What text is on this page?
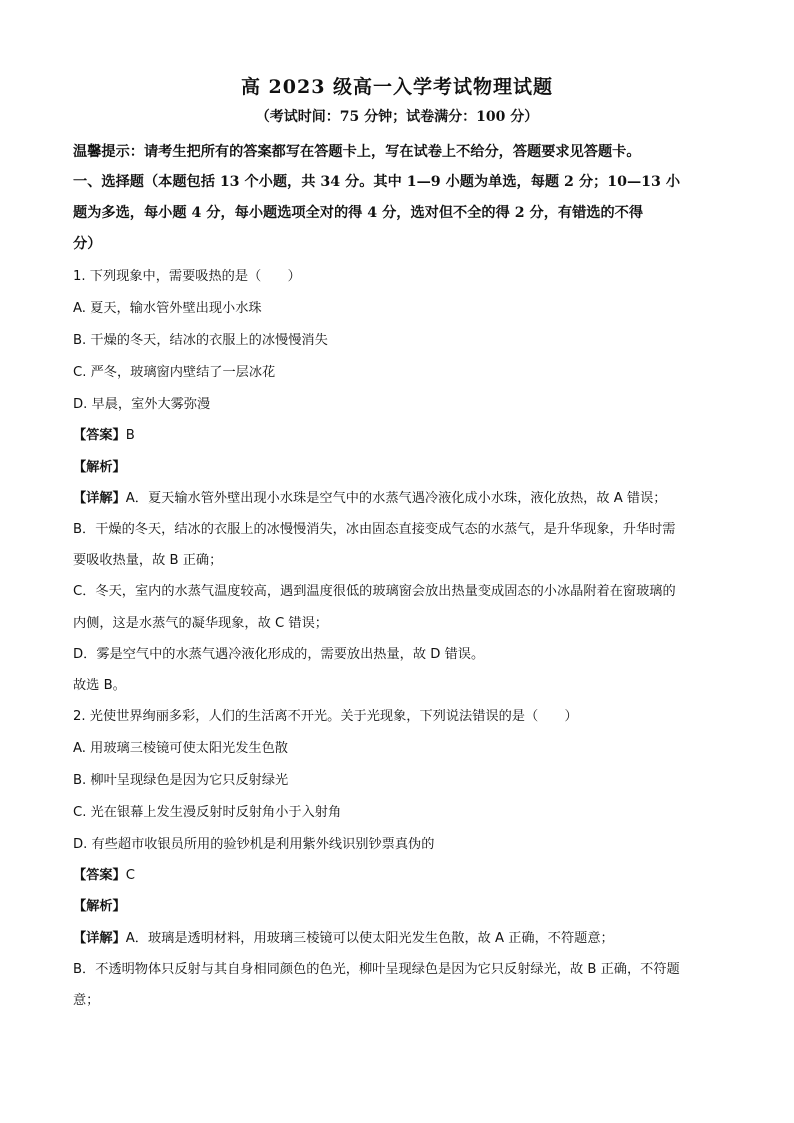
高 2023 级高一入学考试物理试题
（考试时间：75 分钟；试卷满分：100 分）
温馨提示：请考生把所有的答案都写在答题卡上，写在试卷上不给分，答题要求见答题卡。
一、选择题（本题包括 13 个小题，共 34 分。其中 1—9 小题为单选，每题 2 分；10—13 小
题为多选，每小题 4 分，每小题选项全对的得 4 分，选对但不全的得 2 分，有错选的不得
分）
1. 下列现象中，需要吸热的是（　　）
A. 夏天，输水管外壁出现小水珠
B. 干燥的冬天，结冰的衣服上的冰慢慢消失
C. 严冬，玻璃窗内壁结了一层冰花
D. 早晨，室外大雾弥漫
【答案】B
【解析】
【详解】A．夏天输水管外壁出现小水珠是空气中的水蒸气遇冷液化成小水珠，液化放热，故 A 错误；
B．干燥的冬天，结冰的衣服上的冰慢慢消失，冰由固态直接变成气态的水蒸气，是升华现象，升华时需
要吸收热量，故 B 正确；
C．冬天，室内的水蒸气温度较高，遇到温度很低的玻璃窗会放出热量变成固态的小冰晶附着在窗玻璃的
内侧，这是水蒸气的凝华现象，故 C 错误；
D．雾是空气中的水蒸气遇冷液化形成的，需要放出热量，故 D 错误。
故选 B。
2. 光使世界绚丽多彩，人们的生活离不开光。关于光现象，下列说法错误的是（　　）
A. 用玻璃三棱镜可使太阳光发生色散
B. 柳叶呈现绿色是因为它只反射绿光
C. 光在银幕上发生漫反射时反射角小于入射角
D. 有些超市收银员所用的验钞机是利用紫外线识别钞票真伪的
【答案】C
【解析】
【详解】A．玻璃是透明材料，用玻璃三棱镜可以使太阳光发生色散，故 A 正确，不符题意；
B．不透明物体只反射与其自身相同颜色的色光，柳叶呈现绿色是因为它只反射绿光，故 B 正确，不符题
意；
